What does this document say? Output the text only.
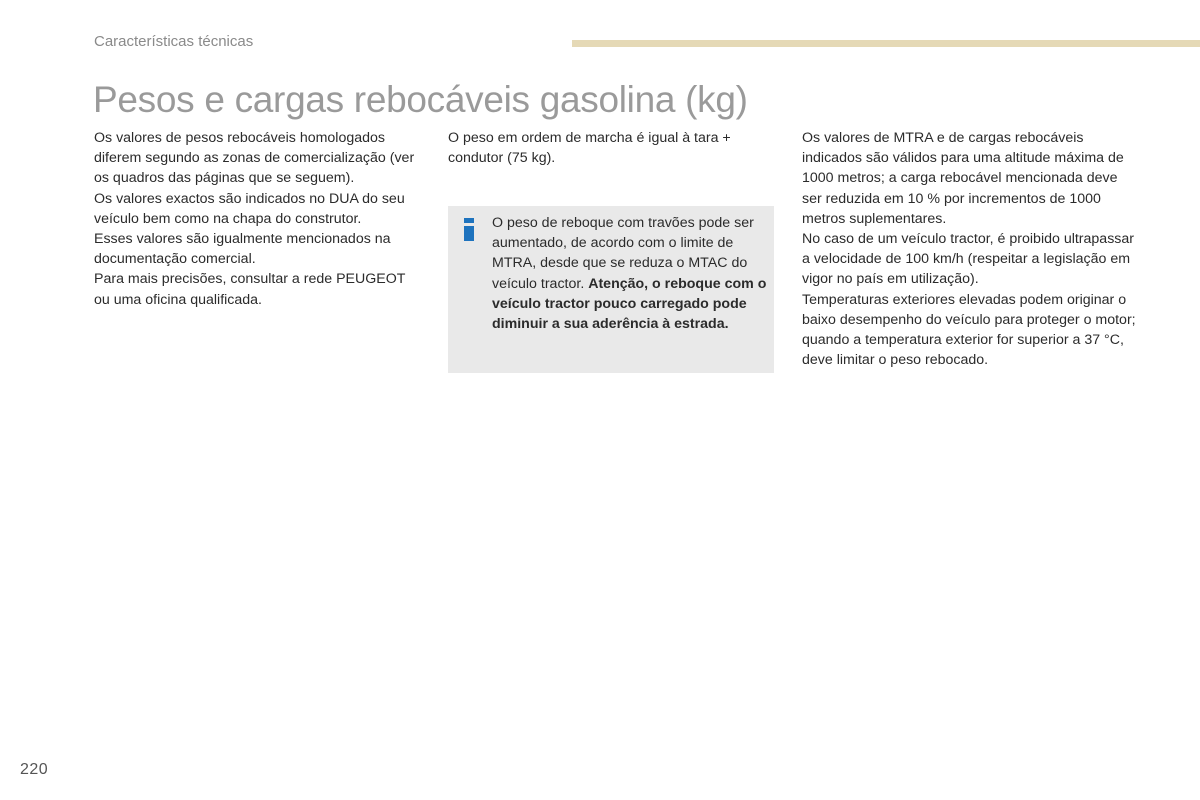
Características técnicas
Pesos e cargas rebocáveis gasolina (kg)

Os valores de pesos rebocáveis homologados diferem segundo as zonas de comercialização (ver os quadros das páginas que se seguem).

Os valores exactos são indicados no DUA do seu veículo bem como na chapa do construtor.

Esses valores são igualmente mencionados na documentação comercial.

Para mais precisões, consultar a rede PEUGEOT ou uma oficina qualificada.

O peso em ordem de marcha é igual à tara + condutor (75 kg).

O peso de reboque com travões pode ser aumentado, de acordo com o limite de MTRA, desde que se reduza o MTAC do veículo tractor. Atenção, o reboque com o veículo tractor pouco carregado pode diminuir a sua aderência à estrada.

Os valores de MTRA e de cargas rebocáveis indicados são válidos para uma altitude máxima de 1000 metros; a carga rebocável mencionada deve ser reduzida em 10 % por incrementos de 1000 metros suplementares.

No caso de um veículo tractor, é proibido ultrapassar a velocidade de 100 km/h (respeitar a legislação em vigor no país em utilização).

Temperaturas exteriores elevadas podem originar o baixo desempenho do veículo para proteger o motor; quando a temperatura exterior for superior a 37 °C, deve limitar o peso rebocado.

220
